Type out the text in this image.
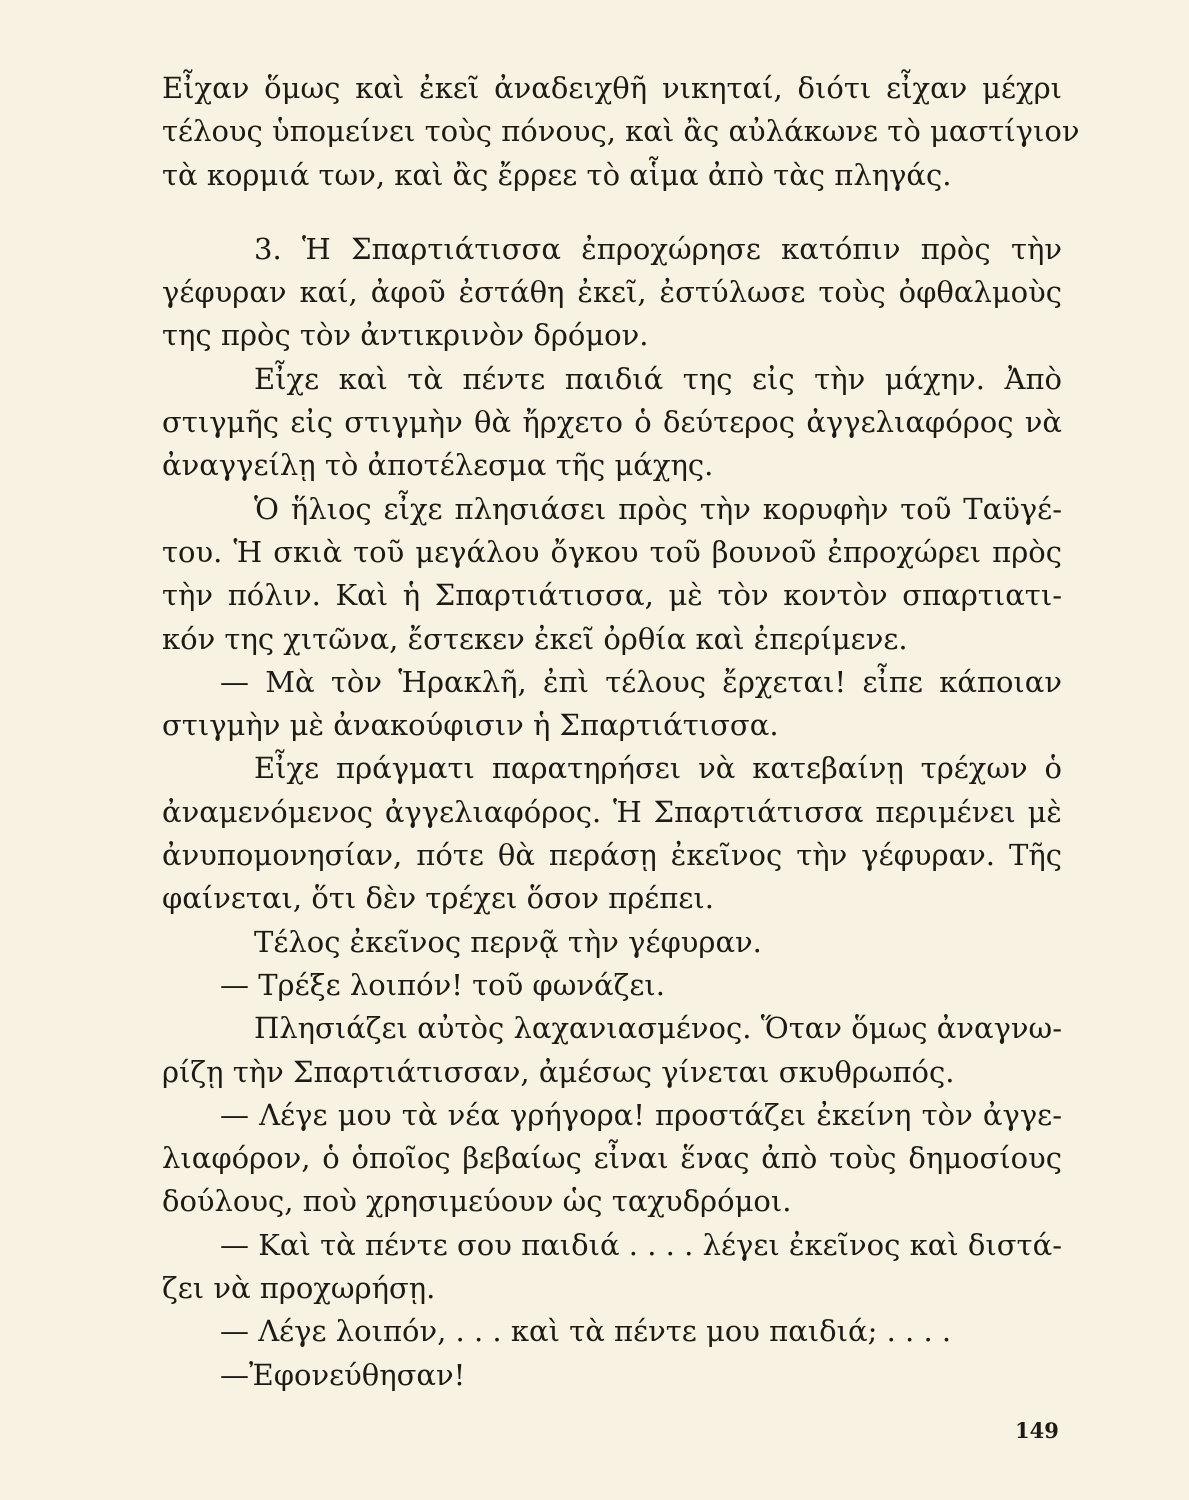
Εἶχαν ὅμως καὶ ἐκεῖ ἀναδειχθῆ νικηταί, διότι εἶχαν μέχρι
τέλους ὑπομείνει τοὺς πόνους, καὶ ἂς αὐλάκωνε τὸ μαστίγιον
τὰ κορμιά των, καὶ ἂς ἔρρεε τὸ αἷμα ἀπὸ τὰς πληγάς.
3. Ἡ Σπαρτιάτισσα ἐπροχώρησε κατόπιν πρὸς τὴν
γέφυραν καί, ἀφοῦ ἐστάθη ἐκεῖ, ἐστύλωσε τοὺς ὀφθαλμοὺς
της πρὸς τὸν ἀντικρινὸν δρόμον.
Εἶχε καὶ τὰ πέντε παιδιά της εἰς τὴν μάχην. Ἀπὸ
στιγμῆς εἰς στιγμὴν θὰ ἤρχετο ὁ δεύτερος ἀγγελιαφόρος νὰ
ἀναγγείλῃ τὸ ἀποτέλεσμα τῆς μάχης.
Ὁ ἥλιος εἶχε πλησιάσει πρὸς τὴν κορυφὴν τοῦ Ταϋγέ-
του. Ἡ σκιὰ τοῦ μεγάλου ὄγκου τοῦ βουνοῦ ἐπροχώρει πρὸς
τὴν πόλιν. Καὶ ἡ Σπαρτιάτισσα, μὲ τὸν κοντὸν σπαρτιατι-
κόν της χιτῶνα, ἔστεκεν ἐκεῖ ὀρθία καὶ ἐπερίμενε.
— Μὰ τὸν Ἡρακλῆ, ἐπὶ τέλους ἔρχεται! εἶπε κάποιαν
στιγμὴν μὲ ἀνακούφισιν ἡ Σπαρτιάτισσα.
Εἶχε πράγματι παρατηρήσει νὰ κατεβαίνῃ τρέχων ὁ
ἀναμενόμενος ἀγγελιαφόρος. Ἡ Σπαρτιάτισσα περιμένει μὲ
ἀνυπομονησίαν, πότε θὰ περάσῃ ἐκεῖνος τὴν γέφυραν. Τῆς
φαίνεται, ὅτι δὲν τρέχει ὅσον πρέπει.
Τέλος ἐκεῖνος περνᾷ τὴν γέφυραν.
— Τρέξε λοιπόν! τοῦ φωνάζει.
Πλησιάζει αὐτὸς λαχανιασμένος. Ὅταν ὅμως ἀναγνω-
ρίζῃ τὴν Σπαρτιάτισσαν, ἀμέσως γίνεται σκυθρωπός.
— Λέγε μου τὰ νέα γρήγορα! προστάζει ἐκείνη τὸν ἀγγε-
λιαφόρον, ὁ ὁποῖος βεβαίως εἶναι ἕνας ἀπὸ τοὺς δημοσίους
δούλους, ποὺ χρησιμεύουν ὡς ταχυδρόμοι.
— Καὶ τὰ πέντε σου παιδιά . . . . λέγει ἐκεῖνος καὶ διστά-
ζει νὰ προχωρήσῃ.
— Λέγε λοιπόν, . . . καὶ τὰ πέντε μου παιδιά; . . . .
—Ἐφονεύθησαν!
149
